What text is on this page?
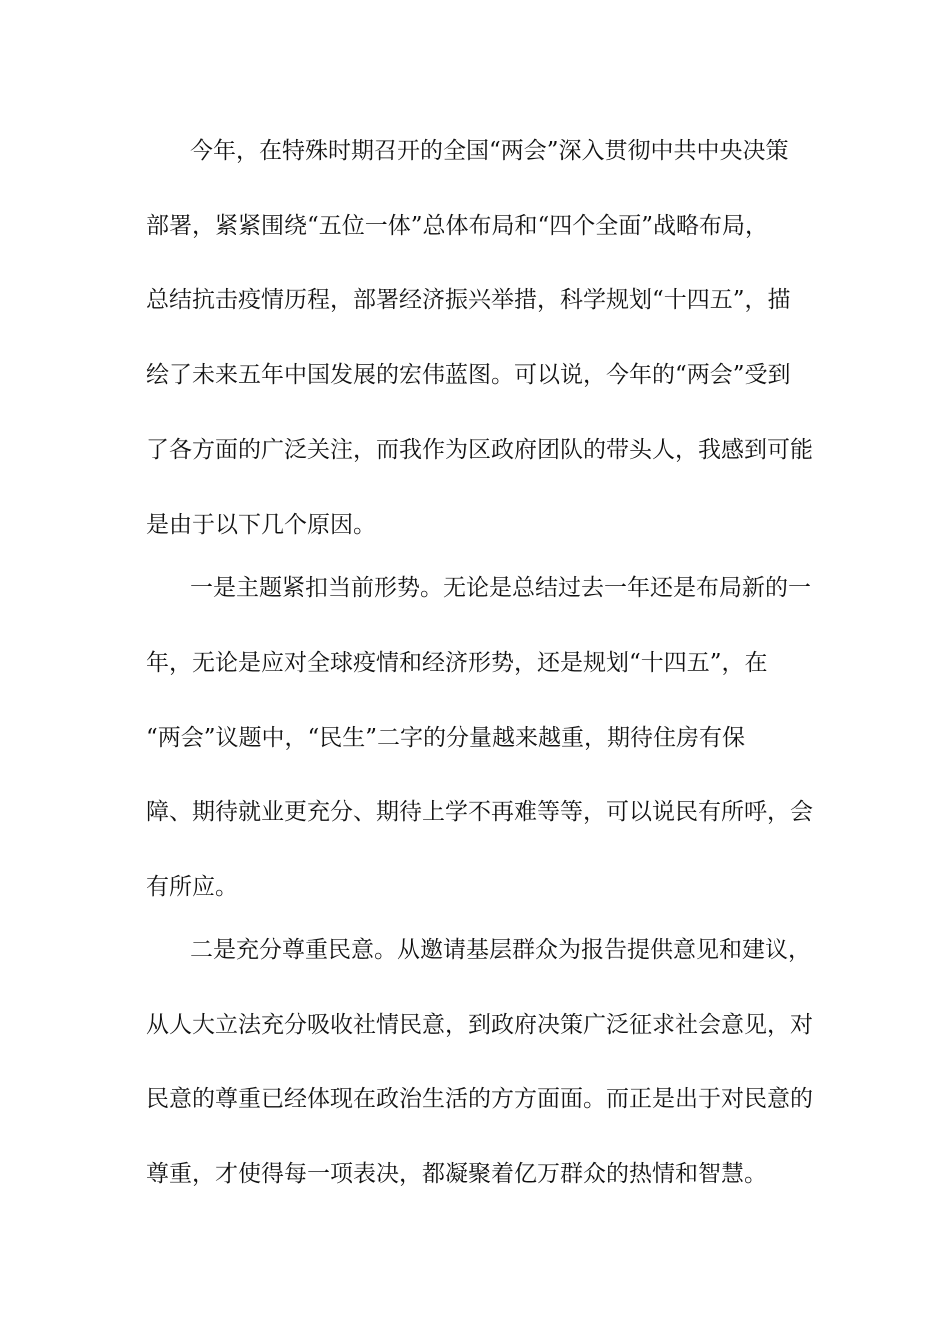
今年，在特殊时期召开的全国“两会”深入贯彻中共中央决策
部署，紧紧围绕“五位一体”总体布局和“四个全面”战略布局，
总结抗击疫情历程，部署经济振兴举措，科学规划“十四五”，描
绘了未来五年中国发展的宏伟蓝图。可以说，今年的“两会”受到
了各方面的广泛关注，而我作为区政府团队的带头人，我感到可能
是由于以下几个原因。
一是主题紧扣当前形势。无论是总结过去一年还是布局新的一
年，无论是应对全球疫情和经济形势，还是规划“十四五”，在
“两会”议题中，“民生”二字的分量越来越重，期待住房有保
障、期待就业更充分、期待上学不再难等等，可以说民有所呼，会
有所应。
二是充分尊重民意。从邀请基层群众为报告提供意见和建议，
从人大立法充分吸收社情民意，到政府决策广泛征求社会意见，对
民意的尊重已经体现在政治生活的方方面面。而正是出于对民意的
尊重，才使得每一项表决，都凝聚着亿万群众的热情和智慧。
